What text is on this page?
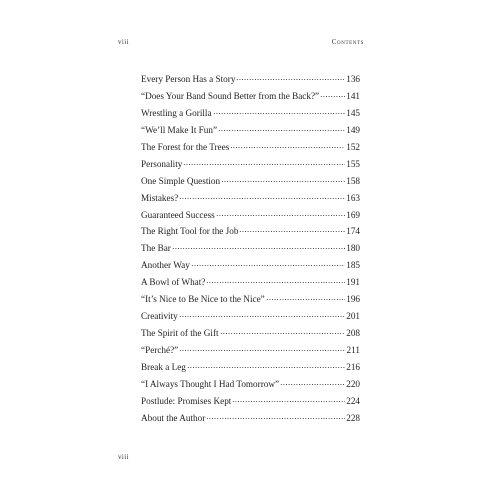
viii	Contents
Every Person Has a Story	136
“Does Your Band Sound Better from the Back?”	141
Wrestling a Gorilla	145
“We’ll Make It Fun”	149
The Forest for the Trees	152
Personality	155
One Simple Question	158
Mistakes?	163
Guaranteed Success	169
The Right Tool for the Job	174
The Bar	180
Another Way	185
A Bowl of What?	191
“It’s Nice to Be Nice to the Nice”	196
Creativity	201
The Spirit of the Gift	208
“Perché?”	211
Break a Leg	216
“I Always Thought I Had Tomorrow”	220
Postlude: Promises Kept	224
About the Author	228
viii
